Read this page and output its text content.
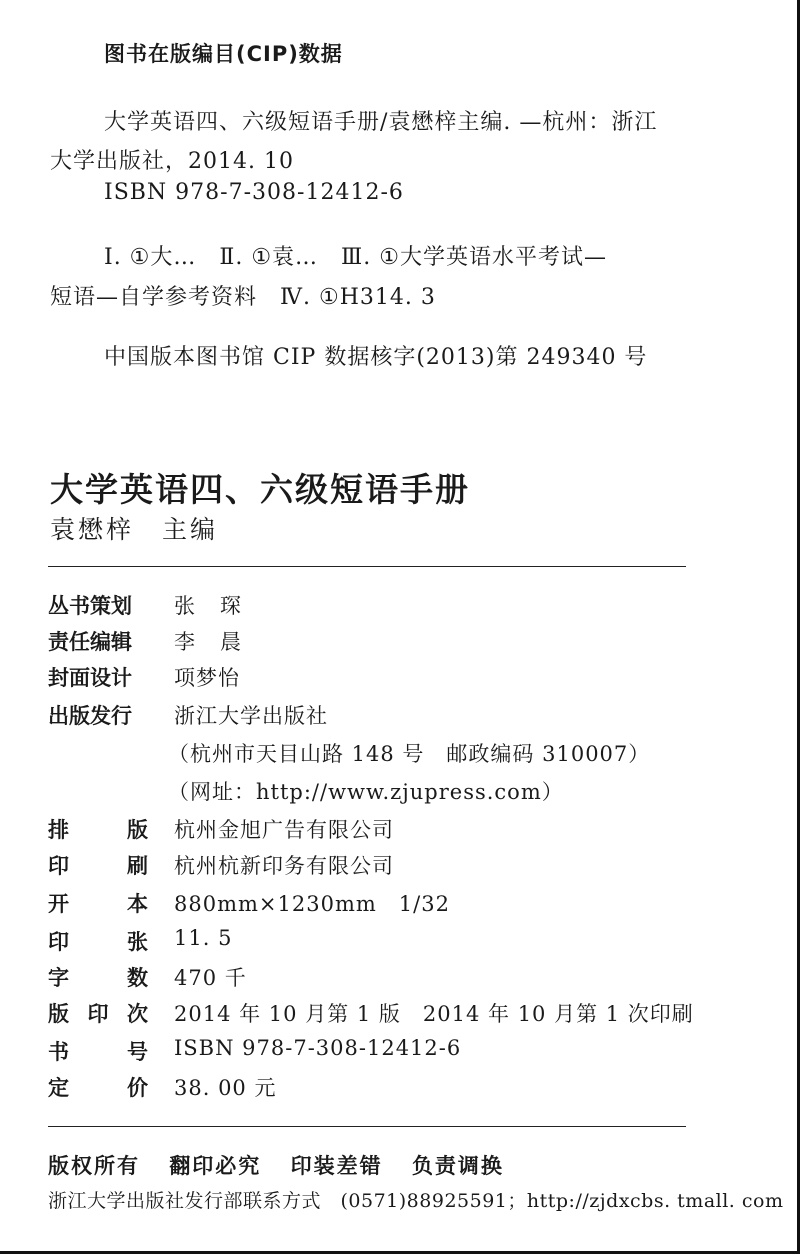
图书在版编目(CIP)数据
大学英语四、六级短语手册/袁懋梓主编. —杭州：浙江
大学出版社，2014. 10
ISBN 978-7-308-12412-6
Ⅰ. ①大…　Ⅱ. ①袁…　Ⅲ. ①大学英语水平考试—
短语—自学参考资料　Ⅳ. ①H314. 3
中国版本图书馆 CIP 数据核字(2013)第 249340 号
大学英语四、六级短语手册
袁懋梓　主编
丛书策划	张　琛
责任编辑	李　晨
封面设计	项梦怡
出版发行	浙江大学出版社
（杭州市天目山路 148 号　邮政编码 310007）
（网址：http://www.zjupress.com）
排	版 杭州金旭广告有限公司
印	刷 杭州杭新印务有限公司
开	本 880mm×1230mm　1/32
印	张 11. 5
字	数 470 千
版 印 次 2014 年 10 月第 1 版　2014 年 10 月第 1 次印刷
书	号 ISBN 978-7-308-12412-6
定	价 38. 00 元
版权所有 翻印必究 印装差错 负责调换
浙江大学出版社发行部联系方式　(0571)88925591；http://zjdxcbs. tmall. com
